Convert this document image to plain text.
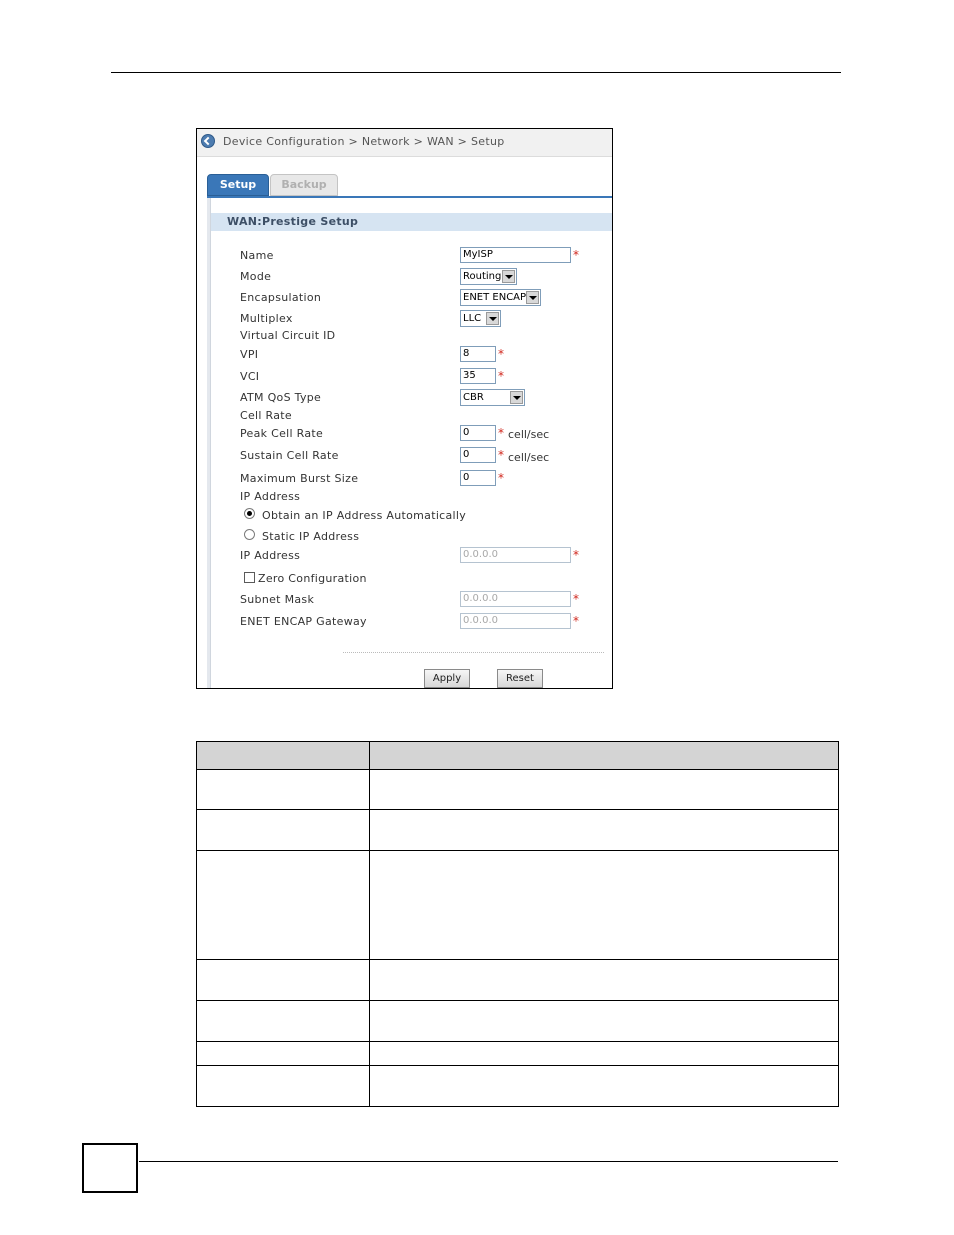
Device Configuration > Network > WAN > Setup
Setup	Backup
WAN:Prestige Setup
Name	MyISP	*
Mode	Routing
Encapsulation	ENET ENCAP
Multiplex	LLC
Virtual Circuit ID
VPI	8	*
VCI	35	*
ATM QoS Type	CBR
Cell Rate
Peak Cell Rate	0	* cell/sec
Sustain Cell Rate	0	* cell/sec
Maximum Burst Size	0	*
IP Address
Obtain an IP Address Automatically
Static IP Address
IP Address	0.0.0.0	*
Zero Configuration
Subnet Mask	0.0.0.0	*
ENET ENCAP Gateway	0.0.0.0	*
Apply	Reset
